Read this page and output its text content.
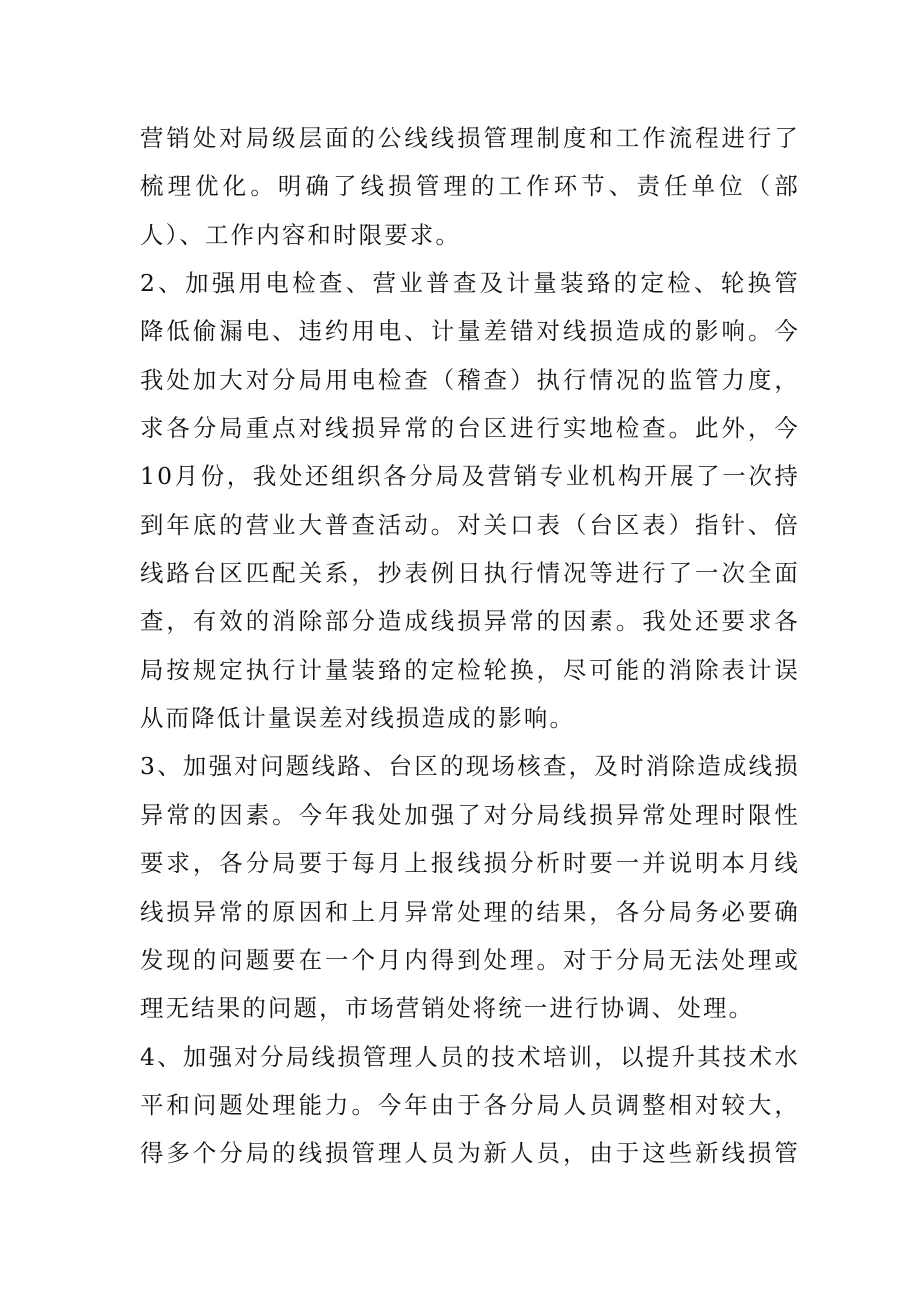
营销处对局级层面的公线线损管理制度和工作流程进行了
梳理优化。明确了线损管理的工作环节、责任单位（部
人）、工作内容和时限要求。
2、加强用电检查、营业普查及计量装臵的定检、轮换管
降低偷漏电、违约用电、计量差错对线损造成的影响。今
我处加大对分局用电检查（稽查）执行情况的监管力度，
求各分局重点对线损异常的台区进行实地检查。此外，今
10月份，我处还组织各分局及营销专业机构开展了一次持
到年底的营业大普查活动。对关口表（台区表）指针、倍
线路台区匹配关系，抄表例日执行情况等进行了一次全面
查，有效的消除部分造成线损异常的因素。我处还要求各
局按规定执行计量装臵的定检轮换，尽可能的消除表计误
从而降低计量误差对线损造成的影响。
3、加强对问题线路、台区的现场核查，及时消除造成线损
异常的因素。今年我处加强了对分局线损异常处理时限性
要求，各分局要于每月上报线损分析时要一并说明本月线
线损异常的原因和上月异常处理的结果，各分局务必要确
发现的问题要在一个月内得到处理。对于分局无法处理或
理无结果的问题，市场营销处将统一进行协调、处理。
4、加强对分局线损管理人员的技术培训，以提升其技术水
平和问题处理能力。今年由于各分局人员调整相对较大，
得多个分局的线损管理人员为新人员，由于这些新线损管
